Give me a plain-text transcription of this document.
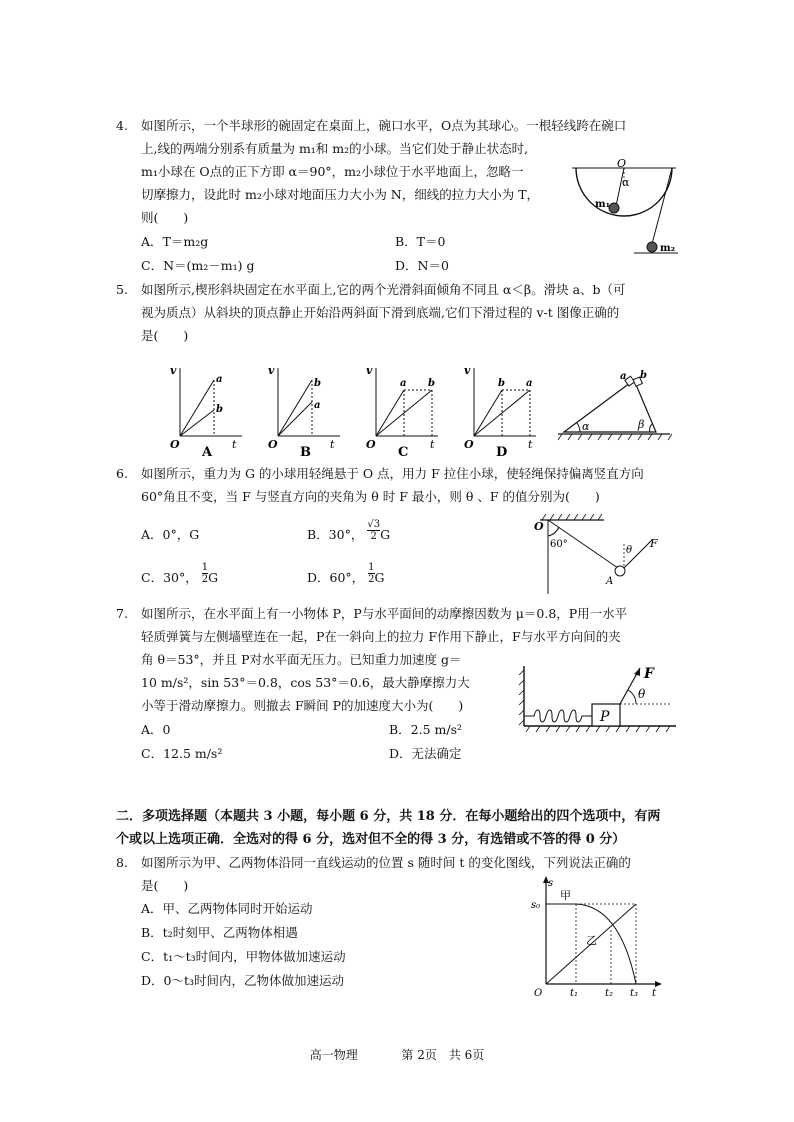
4. 如图所示，一个半球形的碗固定在桌面上，碗口水平，O点为其球心。一根轻线跨在碗口
上,线的两端分别系有质量为 m₁和 m₂的小球。当它们处于静止状态时,
m₁小球在 O点的正下方即 α＝90°，m₂小球位于水平地面上，忽略一
切摩擦力，设此时 m₂小球对地面压力大小为 N，细线的拉力大小为 T，
则(　　)
A．T＝m₂g	B．T＝0
C．N＝(m₂－m₁) g	D．N＝0
O
α
m₁
m₂
5. 如图所示,楔形斜块固定在水平面上,它的两个光滑斜面倾角不同且 α＜β。滑块 a、b（可
视为质点）从斜块的顶点静止开始沿两斜面下滑到底端,它们下滑过程的 v-t 图像正确的
是(　　)
v
t
O
a
b
A
v
t
O
b
a
B
v
t
O
a b
C
v
t
O
b a
D
a b
α	β
6. 如图所示，重力为 G 的小球用轻绳悬于 O 点，用力 F 拉住小球，使轻绳保持偏离竖直方向
60°角且不变，当 F 与竖直方向的夹角为 θ 时 F 最小，则 θ 、F 的值分别为(　　)
A．0°，G	B．30°， $\frac{√3}{2}$ G
C．30°， $\frac{1}{2}$ G	D．60°， $\frac{1}{2}$ G
O
60°
θ
F
A
7. 如图所示，在水平面上有一小物体 P，P与水平面间的动摩擦因数为 μ＝0.8，P用一水平
轻质弹簧与左侧墙壁连在一起，P在一斜向上的拉力 F作用下静止，F与水平方向间的夹
角 θ＝53°，并且 P对水平面无压力。已知重力加速度 g＝
10 m/s²，sin 53°＝0.8，cos 53°＝0.6，最大静摩擦力大
小等于滑动摩擦力。则撤去 F瞬间 P的加速度大小为(　　)
A．0	B．2.5 m/s²
C．12.5 m/s²	D．无法确定
F
θ
P
二．多项选择题（本题共 3 小题，每小题 6 分，共 18 分．在每小题给出的四个选项中，有两
个或以上选项正确．全选对的得 6 分，选对但不全的得 3 分，有选错或不答的得 0 分）
8. 如图所示为甲、乙两物体沿同一直线运动的位置 s 随时间 t 的变化图线，下列说法正确的
是(　　)
A．甲、乙两物体同时开始运动
B．t₂时刻甲、乙两物体相遇
C．t₁～t₃时间内，甲物体做加速运动
D．0～t₃时间内，乙物体做加速运动
s
s₀
甲
乙
O	t₁	t₂ t₃ t
高一物理	第 2页　共 6页
